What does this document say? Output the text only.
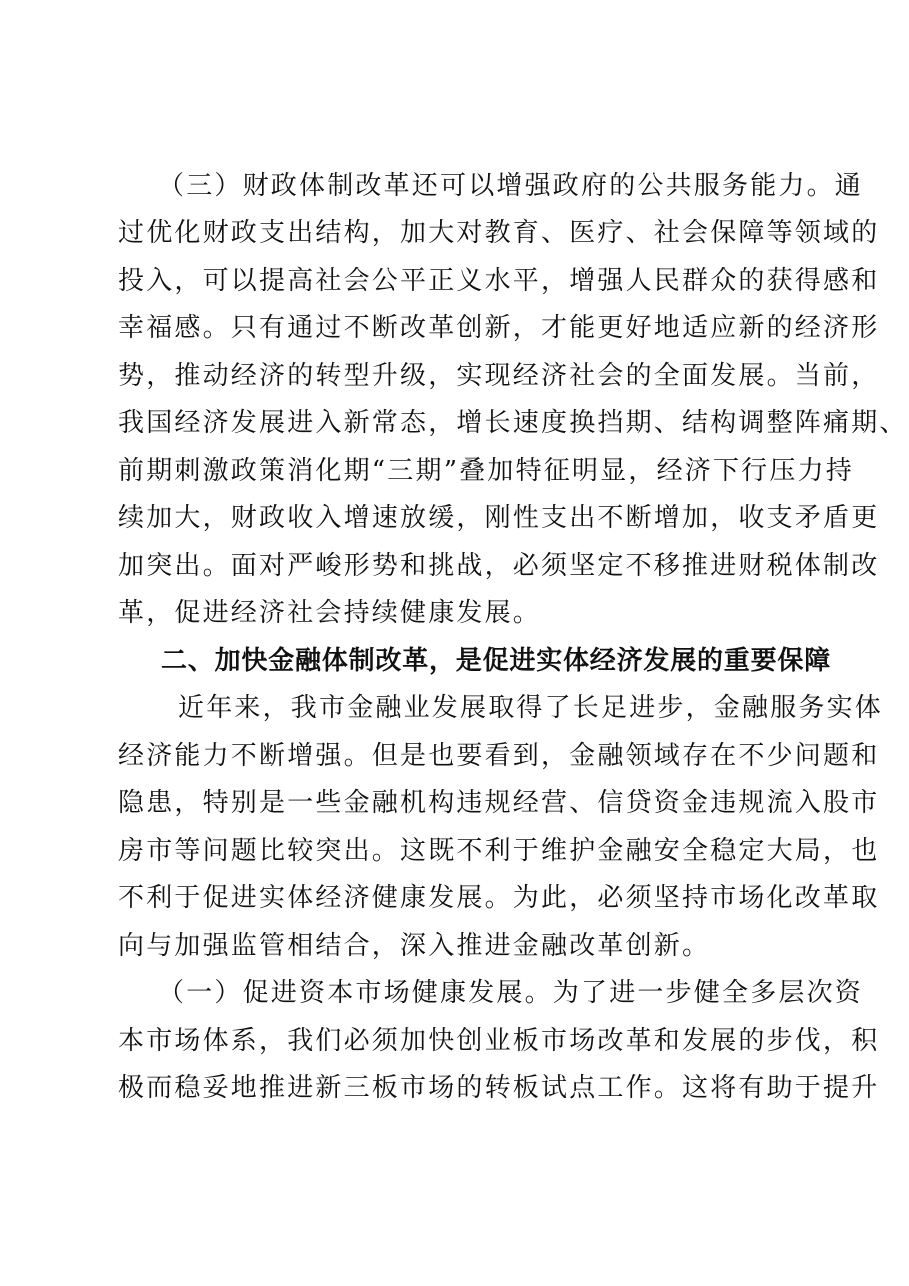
（三）财政体制改革还可以增强政府的公共服务能力。通
过优化财政支出结构，加大对教育、医疗、社会保障等领域的
投入，可以提高社会公平正义水平，增强人民群众的获得感和
幸福感。只有通过不断改革创新，才能更好地适应新的经济形
势，推动经济的转型升级，实现经济社会的全面发展。当前，
我国经济发展进入新常态，增长速度换挡期、结构调整阵痛期、
前期刺激政策消化期“三期”叠加特征明显，经济下行压力持
续加大，财政收入增速放缓，刚性支出不断增加，收支矛盾更
加突出。面对严峻形势和挑战，必须坚定不移推进财税体制改
革，促进经济社会持续健康发展。
二、加快金融体制改革，是促进实体经济发展的重要保障
近年来，我市金融业发展取得了长足进步，金融服务实体
经济能力不断增强。但是也要看到，金融领域存在不少问题和
隐患，特别是一些金融机构违规经营、信贷资金违规流入股市
房市等问题比较突出。这既不利于维护金融安全稳定大局，也
不利于促进实体经济健康发展。为此，必须坚持市场化改革取
向与加强监管相结合，深入推进金融改革创新。
（一）促进资本市场健康发展。为了进一步健全多层次资
本市场体系，我们必须加快创业板市场改革和发展的步伐，积
极而稳妥地推进新三板市场的转板试点工作。这将有助于提升
